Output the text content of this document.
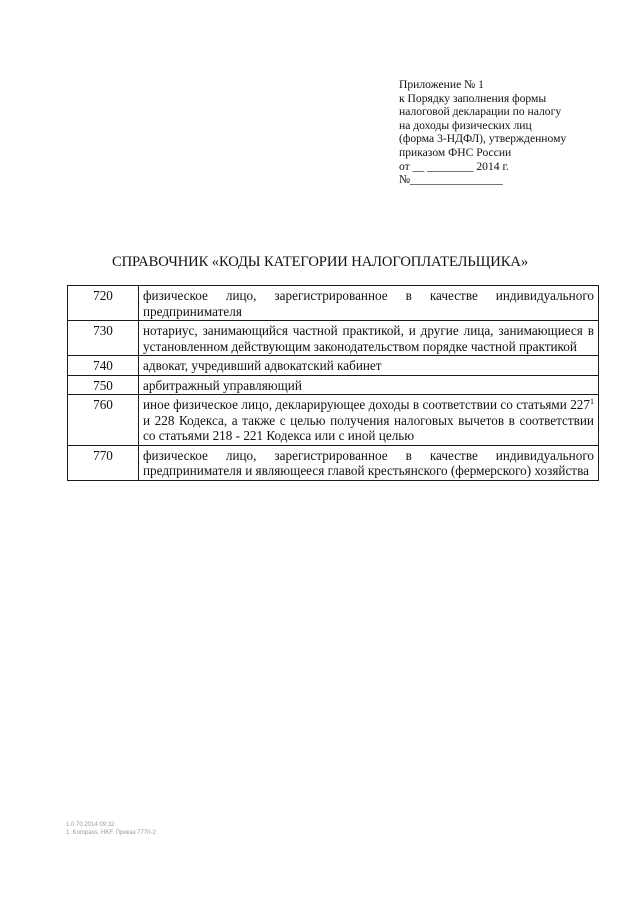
Приложение № 1
к Порядку заполнения формы
налоговой декларации по налогу
на доходы физических лиц
(форма 3-НДФЛ), утвержденному
приказом ФНС России
от __ ________ 2014 г.
№________________
СПРАВОЧНИК «КОДЫ КАТЕГОРИИ НАЛОГОПЛАТЕЛЬЩИКА»
720	физическое лицо, зарегистрированное в качестве индивидуального предпринимателя
730	нотариус, занимающийся частной практикой, и другие лица, занимающиеся в установленном действующим законодательством порядке частной практикой
740	адвокат, учредивший адвокатский кабинет
750	арбитражный управляющий
760	иное физическое лицо, декларирующее доходы в соответствии со статьями $227^1$ и 228 Кодекса, а также с целью получения налоговых вычетов в соответствии со статьями 218 - 221 Кодекса или с иной целью
770	физическое лицо, зарегистрированное в качестве индивидуального предпринимателя и являющееся главой крестьянского (фермерского) хозяйства
1.0.70.2014 09:32
1. Kompass. HKF. Приказ 7770-2
